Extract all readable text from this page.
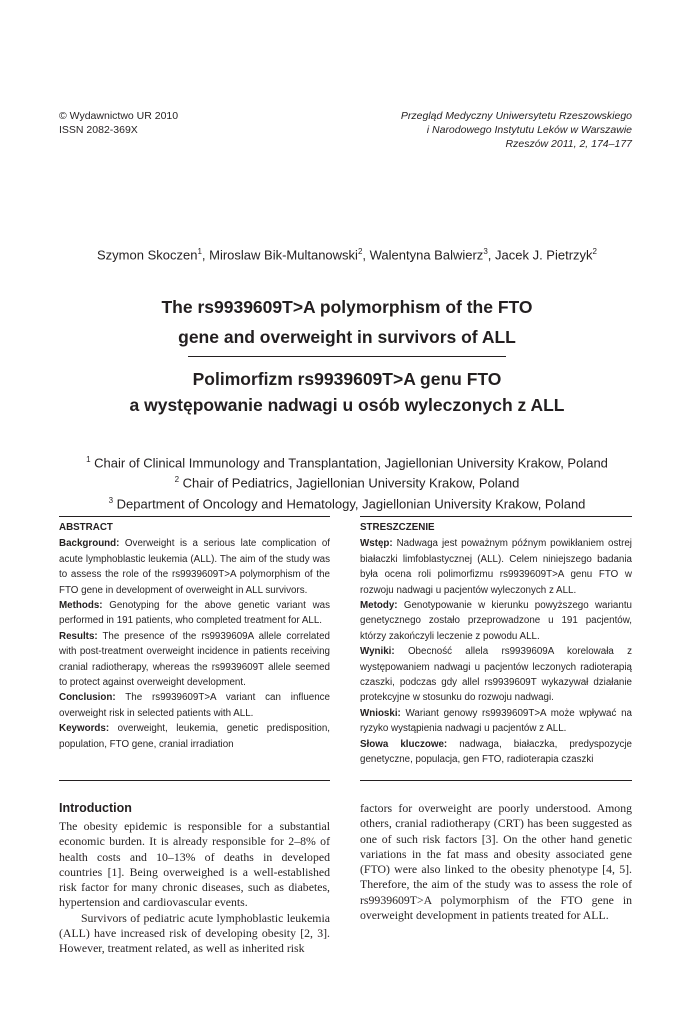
© Wydawnictwo UR 2010
ISSN 2082-369X
Przegląd Medyczny Uniwersytetu Rzeszowskiego
i Narodowego Instytutu Leków w Warszawie
Rzeszów 2011, 2, 174–177
Szymon Skoczen$^1$, Miroslaw Bik-Multanowski$^2$, Walentyna Balwierz$^3$, Jacek J. Pietrzyk$^2$
The rs9939609T>A polymorphism of the FTO
gene and overweight in survivors of ALL
Polimorfizm rs9939609T>A genu FTO
a występowanie nadwagi u osób wyleczonych z ALL
$^1$ Chair of Clinical Immunology and Transplantation, Jagiellonian University Krakow, Poland
$^2$ Chair of Pediatrics, Jagiellonian University Krakow, Poland
$^3$ Department of Oncology and Hematology, Jagiellonian University Krakow, Poland
ABSTRACT

Background: Overweight is a serious late complication of acute lymphoblastic leukemia (ALL). The aim of the study was to assess the role of the rs9939609T>A polymorphism of the FTO gene in development of overweight in ALL survivors.

Methods: Genotyping for the above genetic variant was performed in 191 patients, who completed treatment for ALL.

Results: The presence of the rs9939609A allele correlated with post-treatment overweight incidence in patients receiving cranial radiotherapy, whereas the rs9939609T allele seemed to protect against overweight development.

Conclusion: The rs9939609T>A variant can influence overweight risk in selected patients with ALL.

Keywords: overweight, leukemia, genetic predisposition, population, FTO gene, cranial irradiation

STRESZCZENIE

Wstęp: Nadwaga jest poważnym późnym powikłaniem ostrej białaczki limfoblastycznej (ALL). Celem niniejszego badania była ocena roli polimorfizmu rs9939609T>A genu FTO w rozwoju nadwagi u pacjentów wyleczonych z ALL.

Metody: Genotypowanie w kierunku powyższego wariantu genetycznego zostało przeprowadzone u 191 pacjentów, którzy zakończyli leczenie z powodu ALL.

Wyniki: Obecność allela rs9939609A korelowała z występowaniem nadwagi u pacjentów leczonych radioterapią czaszki, podczas gdy allel rs9939609T wykazywał działanie protekcyjne w stosunku do rozwoju nadwagi.

Wnioski: Wariant genowy rs9939609T>A może wpływać na ryzyko wystąpienia nadwagi u pacjentów z ALL.

Słowa kluczowe: nadwaga, białaczka, predyspozycje genetyczne, populacja, gen FTO, radioterapia czaszki

Introduction

The obesity epidemic is responsible for a substantial economic burden. It is already responsible for 2–8% of health costs and 10–13% of deaths in developed countries [1]. Being overweighed is a well-established risk factor for many chronic diseases, such as diabetes, hypertension and cardiovascular events.

Survivors of pediatric acute lymphoblastic leukemia (ALL) have increased risk of developing obesity [2, 3]. However, treatment related, as well as inherited risk

factors for overweight are poorly understood. Among others, cranial radiotherapy (CRT) has been suggested as one of such risk factors [3]. On the other hand genetic variations in the fat mass and obesity associated gene (FTO) were also linked to the obesity phenotype [4, 5]. Therefore, the aim of the study was to assess the role of rs9939609T>A polymorphism of the FTO gene in overweight development in patients treated for ALL.
